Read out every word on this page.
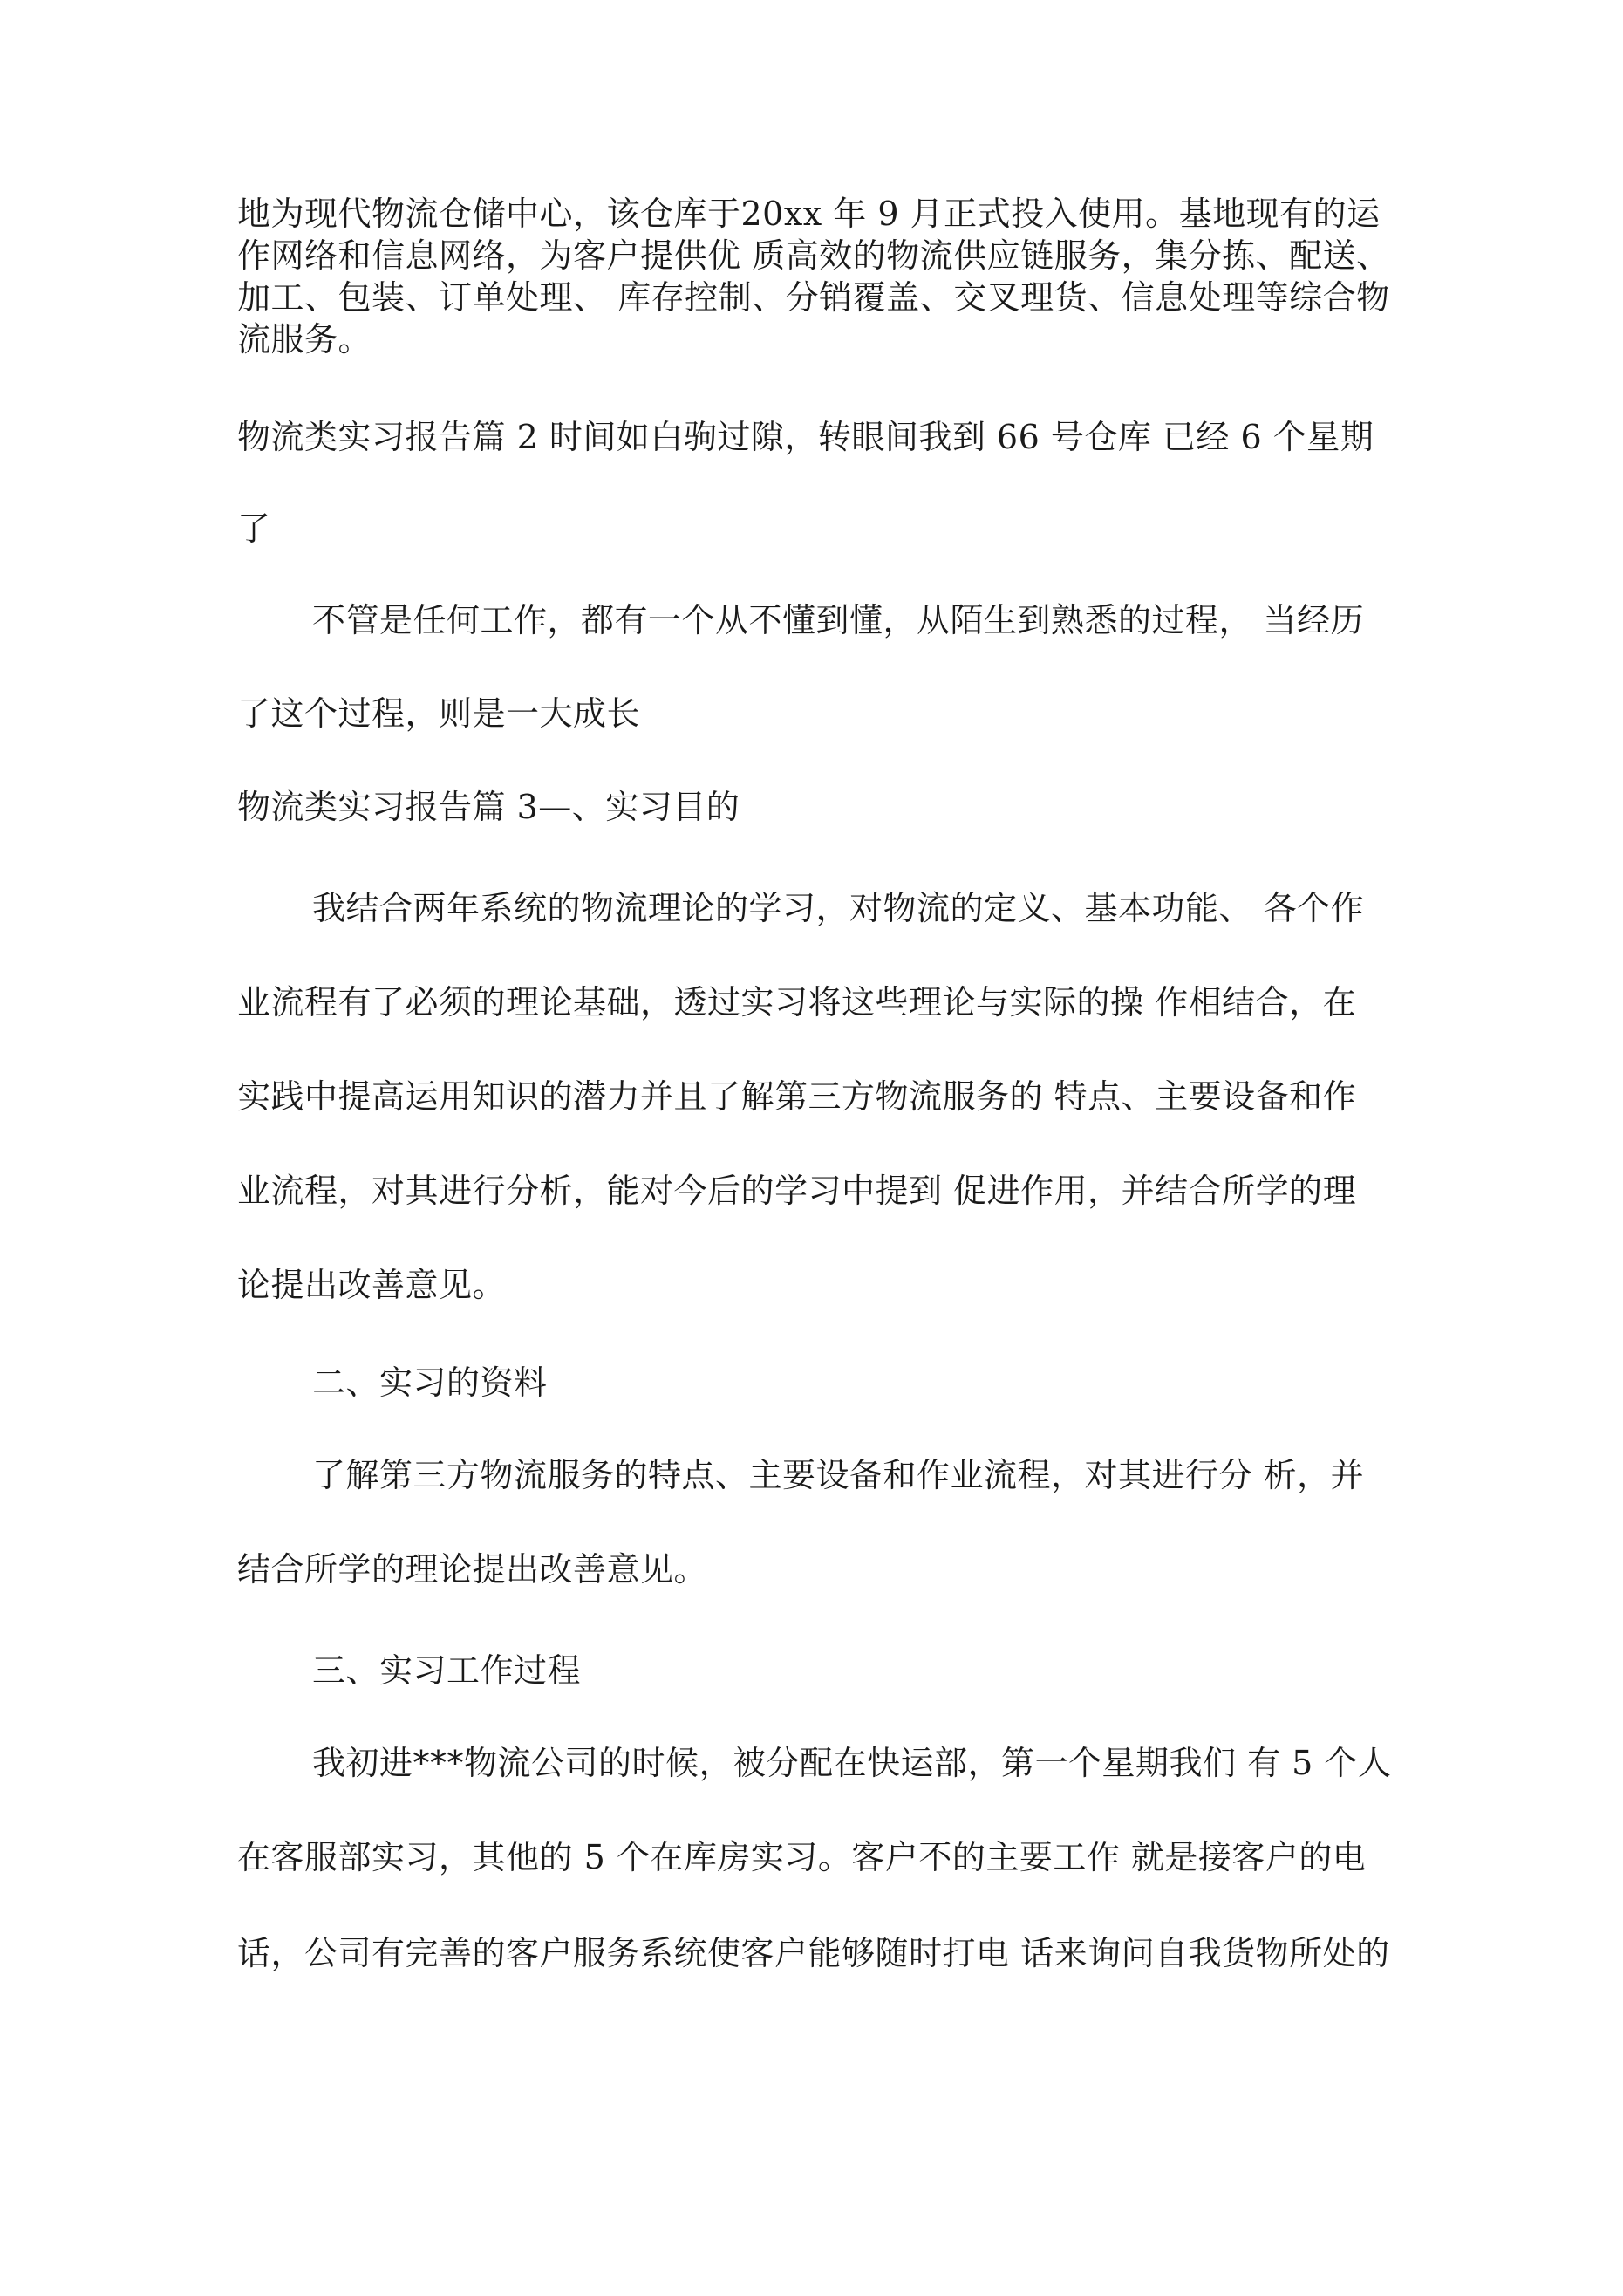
地为现代物流仓储中心，该仓库于20xx 年 9 月正式投入使用。基地现有的运
作网络和信息网络，为客户提供优 质高效的物流供应链服务，集分拣、配送、
加工、包装、订单处理、 库存控制、分销覆盖、交叉理货、信息处理等综合物
流服务。
物流类实习报告篇 2 时间如白驹过隙，转眼间我到 66 号仓库 已经 6 个星期
了
不管是任何工作，都有一个从不懂到懂，从陌生到熟悉的过程， 当经历
了这个过程，则是一大成长
物流类实习报告篇 3—、实习目的
我结合两年系统的物流理论的学习，对物流的定义、基本功能、 各个作
业流程有了必须的理论基础，透过实习将这些理论与实际的操 作相结合，在
实践中提高运用知识的潜力并且了解第三方物流服务的 特点、主要设备和作
业流程，对其进行分析，能对今后的学习中提到 促进作用，并结合所学的理
论提出改善意见。
二、实习的资料
了解第三方物流服务的特点、主要设备和作业流程，对其进行分 析，并
结合所学的理论提出改善意见。
三、实习工作过程
我初进***物流公司的时候，被分配在快运部，第一个星期我们 有 5 个人
在客服部实习，其他的 5 个在库房实习。客户不的主要工作 就是接客户的电
话，公司有完善的客户服务系统使客户能够随时打电 话来询问自我货物所处的
